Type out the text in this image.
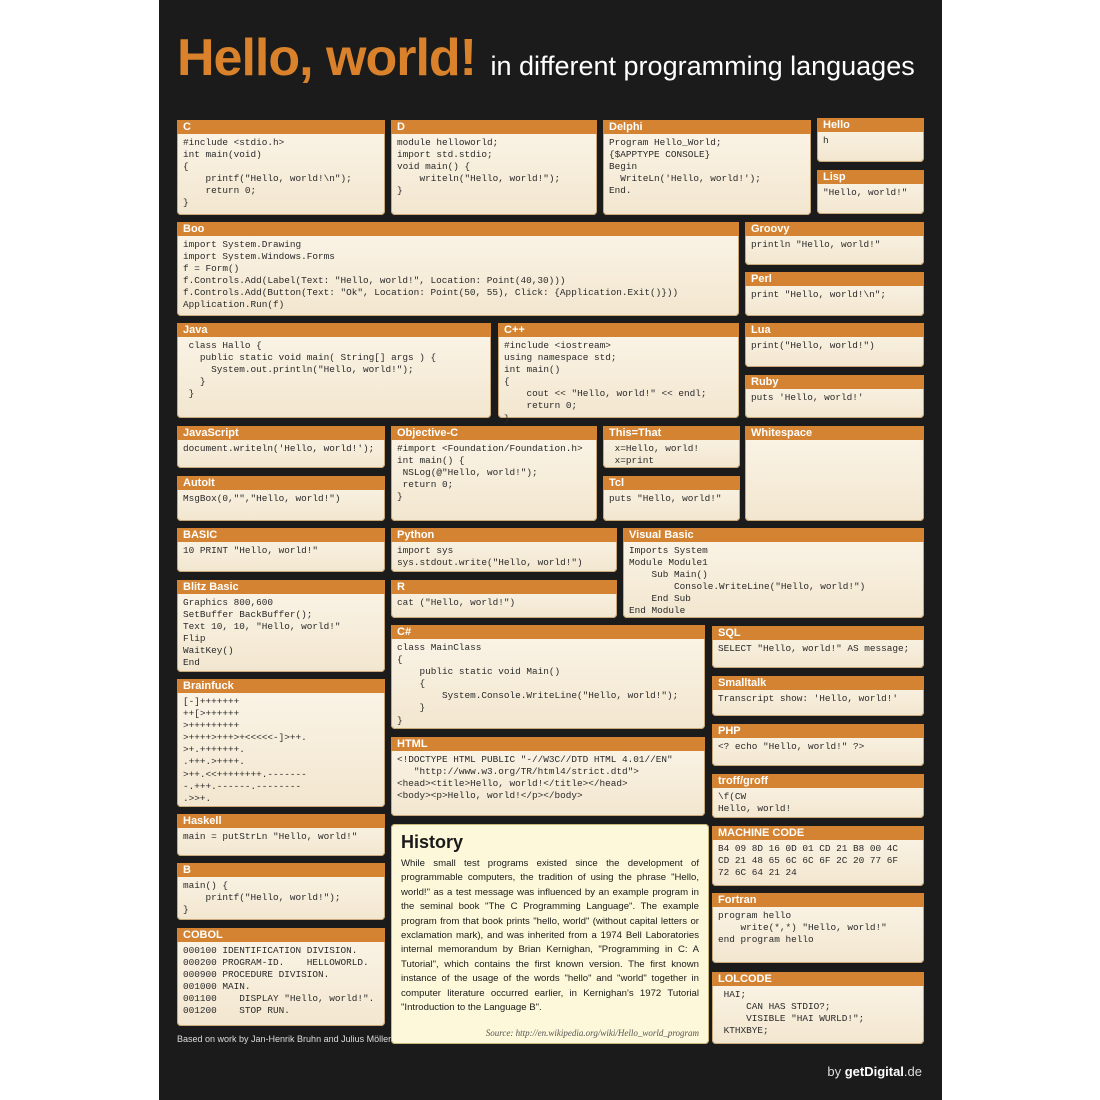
Hello, world! in different programming languages
C
#include <stdio.h>
int main(void)
{
printf("Hello, world!\n");
return 0;
}
D
module helloworld;
import std.stdio;
void main() {
writeln("Hello, world!");
}
Delphi
Program Hello_World;
{$APPTYPE CONSOLE}
Begin
WriteLn('Hello, world!');
End.
Hello
h
Lisp
"Hello, world!"
Boo
import System.Drawing
import System.Windows.Forms
f = Form()
f.Controls.Add(Label(Text: "Hello, world!", Location: Point(40,30)))
f.Controls.Add(Button(Text: "Ok", Location: Point(50, 55), Click: {Application.Exit()}))
Application.Run(f)
Groovy
println "Hello, world!"
Perl
print "Hello, world!\n";
Java
class Hallo {
public static void main( String[] args ) {
System.out.println("Hello, world!");
}
}
C++
#include <iostream>
using namespace std;
int main()
{
cout << "Hello, world!" << endl;
return 0;
}
Lua
print("Hello, world!")
Ruby
puts 'Hello, world!'
JavaScript
document.writeln('Hello, world!');
Objective-C
#import <Foundation/Foundation.h>
int main() {
NSLog(@"Hello, world!");
return 0;
}
This=That
x=Hello, world!
x=print
Whitespace
AutoIt
MsgBox(0,"","Hello, world!")
Tcl
puts "Hello, world!"
BASIC
10 PRINT "Hello, world!"
Python
import sys
sys.stdout.write("Hello, world!")
Visual Basic
Imports System
Module Module1
Sub Main()
Console.WriteLine("Hello, world!")
End Sub
End Module
Blitz Basic
Graphics 800,600
SetBuffer BackBuffer();
Text 10, 10, "Hello, world!"
Flip
WaitKey()
End
R
cat ("Hello, world!")
C#
class MainClass
{
public static void Main()
{
System.Console.WriteLine("Hello, world!");
}
}
SQL
SELECT "Hello, world!" AS message;
Smalltalk
Transcript show: 'Hello, world!'
Brainfuck
[-]+++++++
++[>++++++
>+++++++++
>++++>+++>+<<<<<-]>++.
>+.+++++++.
.+++.>++++.
>++.<<++++++++.-------
-.+++.------.--------
.>>+.
PHP
<? echo "Hello, world!" ?>
HTML
<!DOCTYPE HTML PUBLIC "-//W3C//DTD HTML 4.01//EN"
"http://www.w3.org/TR/html4/strict.dtd">
<head><title>Hello, world!</title></head>
<body><p>Hello, world!</p></body>
troff/groff
\f(CW
Hello, world!
Haskell
main = putStrLn "Hello, world!"	MACHINE CODE
B4 09 8D 16 0D 01 CD 21 B8 00 4C
CD 21 48 65 6C 6C 6F 2C 20 77 6F
72 6C 64 21 24
B
main() {
printf("Hello, world!");
}
Fortran
program hello
write(*,*) "Hello, world!"
end program hello
COBOL
000100 IDENTIFICATION DIVISION.
000200 PROGRAM-ID.    HELLOWORLD.
000900 PROCEDURE DIVISION.
001000 MAIN.
001100    DISPLAY "Hello, world!".
001200    STOP RUN.
LOLCODE
HAI;
CAN HAS STDIO?;
VISIBLE "HAI WURLD!";
KTHXBYE;
History

While small test programs existed since the development of programmable computers, the tradition of using the phrase "Hello, world!" as a test message was influenced by an example program in the seminal book "The C Programming Language". The example program from that book prints "hello, world" (without capital letters or exclamation mark), and was inherited from a 1974 Bell Laboratories internal memorandum by Brian Kernighan, "Programming in C: A Tutorial", which contains the first known version. The first known instance of the usage of the words "hello" and "world" together in computer literature occurred earlier, in Kernighan's 1972 Tutorial "Introduction to the Language B".

Source: http://en.wikipedia.org/wiki/Hello_world_program
Based on work by Jan-Henrik Bruhn and Julius Möller
by getDigital.de
